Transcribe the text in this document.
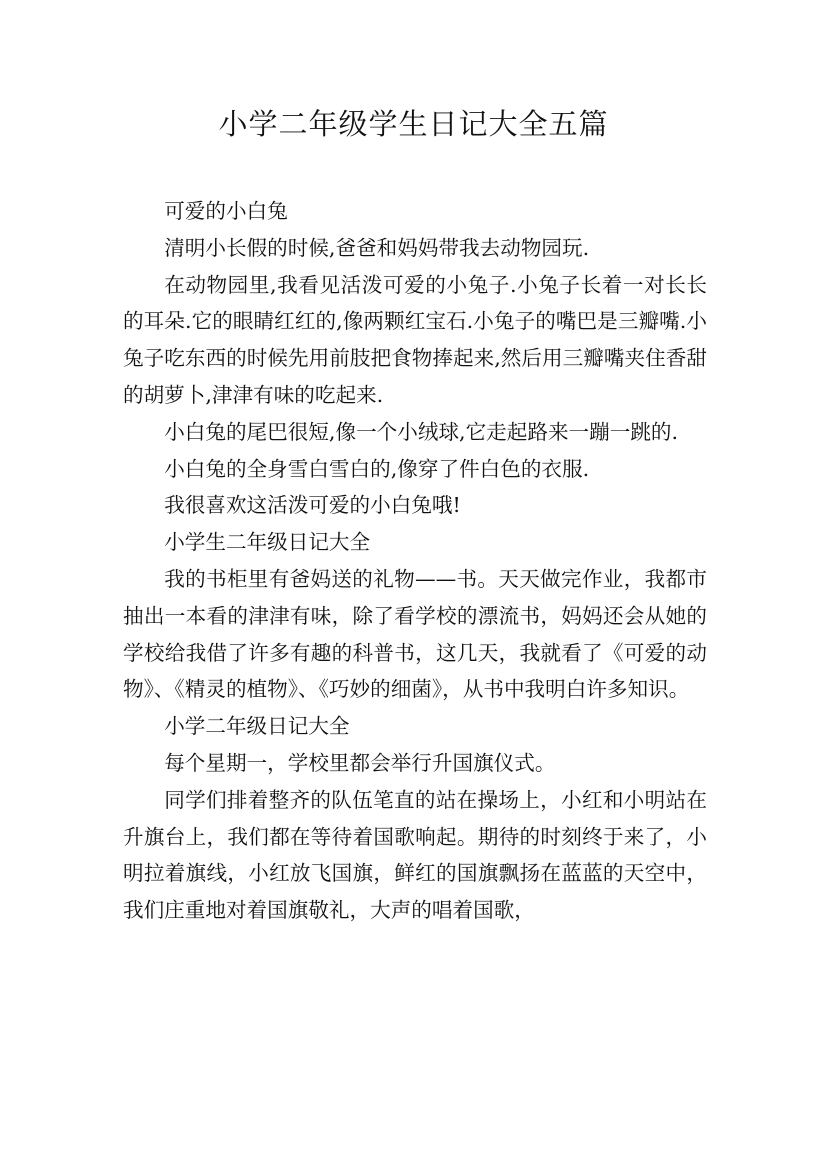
小学二年级学生日记大全五篇

可爱的小白兔

清明小长假的时候,爸爸和妈妈带我去动物园玩.

在动物园里,我看见活泼可爱的小兔子.小兔子长着一对长长的耳朵.它的眼睛红红的,像两颗红宝石.小兔子的嘴巴是三瓣嘴.小兔子吃东西的时候先用前肢把食物捧起来,然后用三瓣嘴夹住香甜的胡萝卜,津津有味的吃起来.

小白兔的尾巴很短,像一个小绒球,它走起路来一蹦一跳的.

小白兔的全身雪白雪白的,像穿了件白色的衣服.

我很喜欢这活泼可爱的小白兔哦!

小学生二年级日记大全

我的书柜里有爸妈送的礼物——书。天天做完作业，我都市抽出一本看的津津有味，除了看学校的漂流书，妈妈还会从她的学校给我借了许多有趣的科普书，这几天，我就看了《可爱的动物》、《精灵的植物》、《巧妙的细菌》，从书中我明白许多知识。

小学二年级日记大全

每个星期一，学校里都会举行升国旗仪式。

同学们排着整齐的队伍笔直的站在操场上，小红和小明站在升旗台上，我们都在等待着国歌响起。期待的时刻终于来了，小明拉着旗线，小红放飞国旗，鲜红的国旗飘扬在蓝蓝的天空中，我们庄重地对着国旗敬礼，大声的唱着国歌，
